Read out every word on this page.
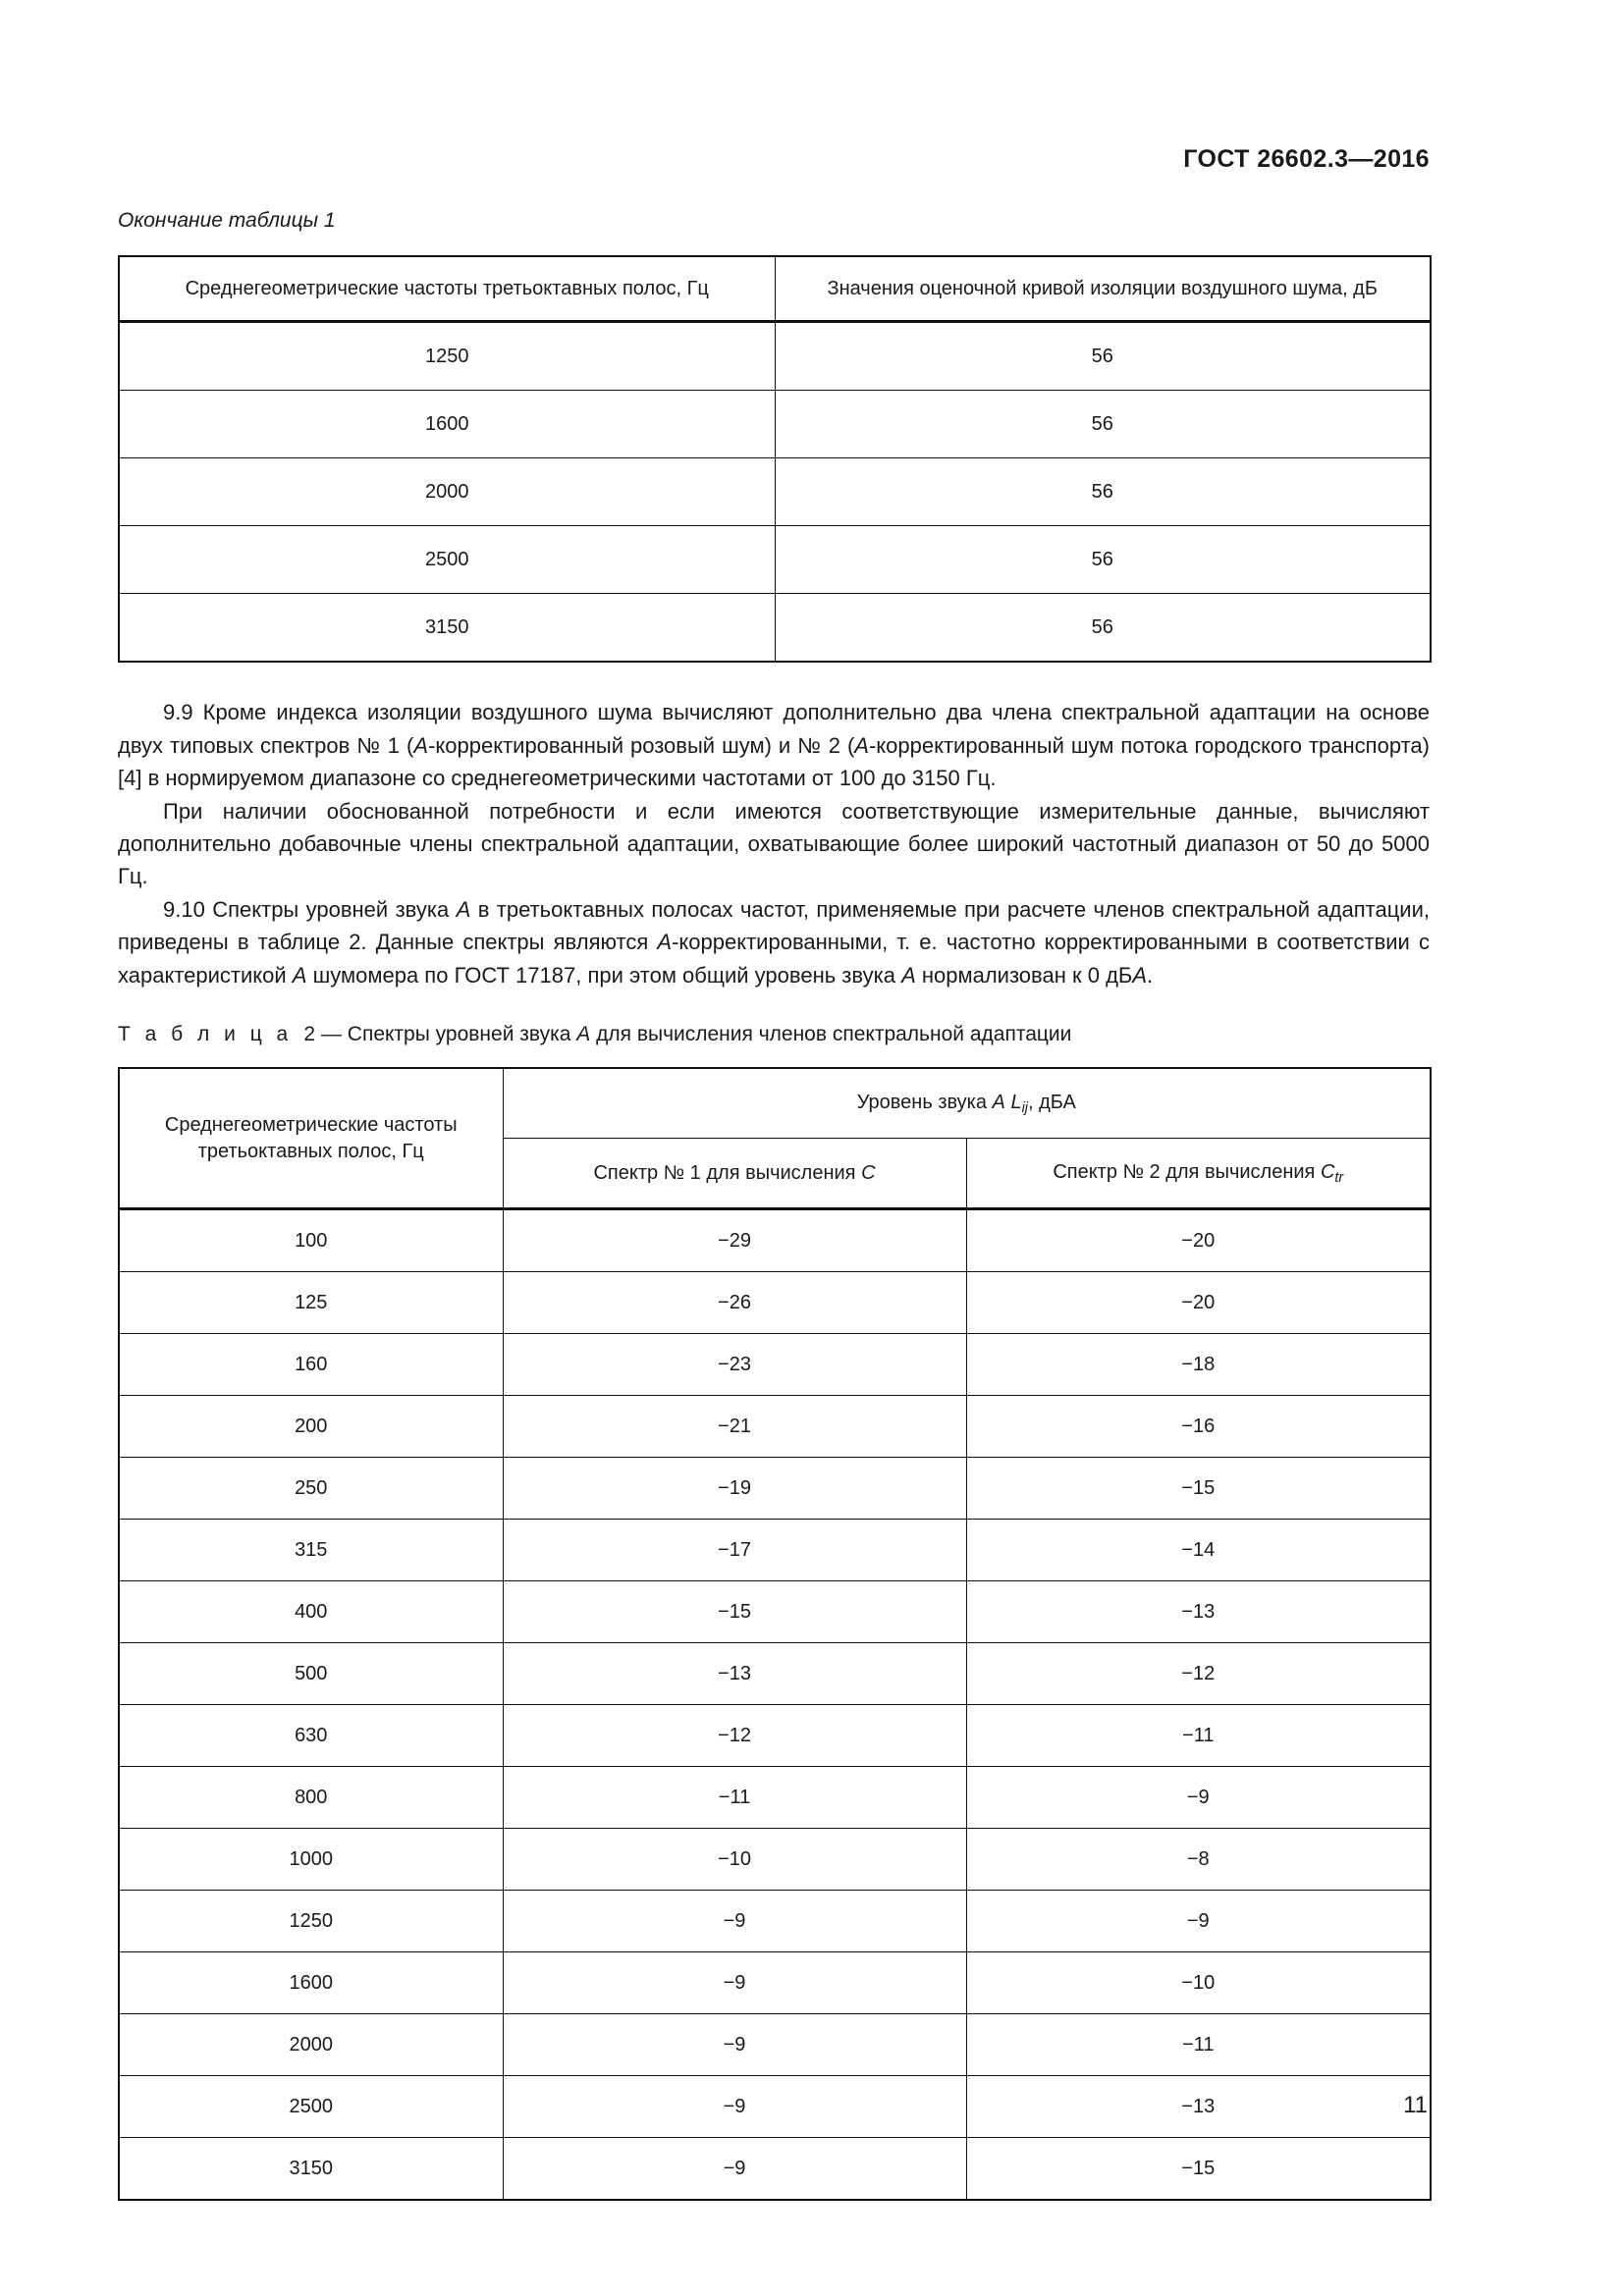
ГОСТ 26602.3—2016
Окончание таблицы 1
Среднегеометрические частоты третьоктавных полос, Гц	Значения оценочной кривой изоляции воздушного шума, дБ
1250	56
1600	56
2000	56
2500	56
3150	56

9.9 Кроме индекса изоляции воздушного шума вычисляют дополнительно два члена спектральной адаптации на основе двух типовых спектров № 1 (А-корректированный розовый шум) и № 2 (А-корректированный шум потока городского транспорта) [4] в нормируемом диапазоне со среднегеометрическими частотами от 100 до 3150 Гц.

При наличии обоснованной потребности и если имеются соответствующие измерительные данные, вычисляют дополнительно добавочные члены спектральной адаптации, охватывающие более широкий частотный диапазон от 50 до 5000 Гц.

9.10 Спектры уровней звука А в третьоктавных полосах частот, применяемые при расчете членов спектральной адаптации, приведены в таблице 2. Данные спектры являются А-корректированными, т. е. частотно корректированными в соответствии с характеристикой А шумомера по ГОСТ 17187, при этом общий уровень звука А нормализован к 0 дБА.

Т а б л и ц а 2 — Спектры уровней звука А для вычисления членов спектральной адаптации
Среднегеометрические частоты
третьоктавных полос, Гц	Уровень звука A $L_{ij}$, дБА	
	Спектр № 1 для вычисления C	Спектр № 2 для вычисления $C_{tr}$
100	−29	−20
125	−26	−20
160	−23	−18
200	−21	−16
250	−19	−15
315	−17	−14
400	−15	−13
500	−13	−12
630	−12	−11
800	−11	−9
1000	−10	−8
1250	−9	−9
1600	−9	−10
2000	−9	−11
2500	−9	−13
3150	−9	−15
11
